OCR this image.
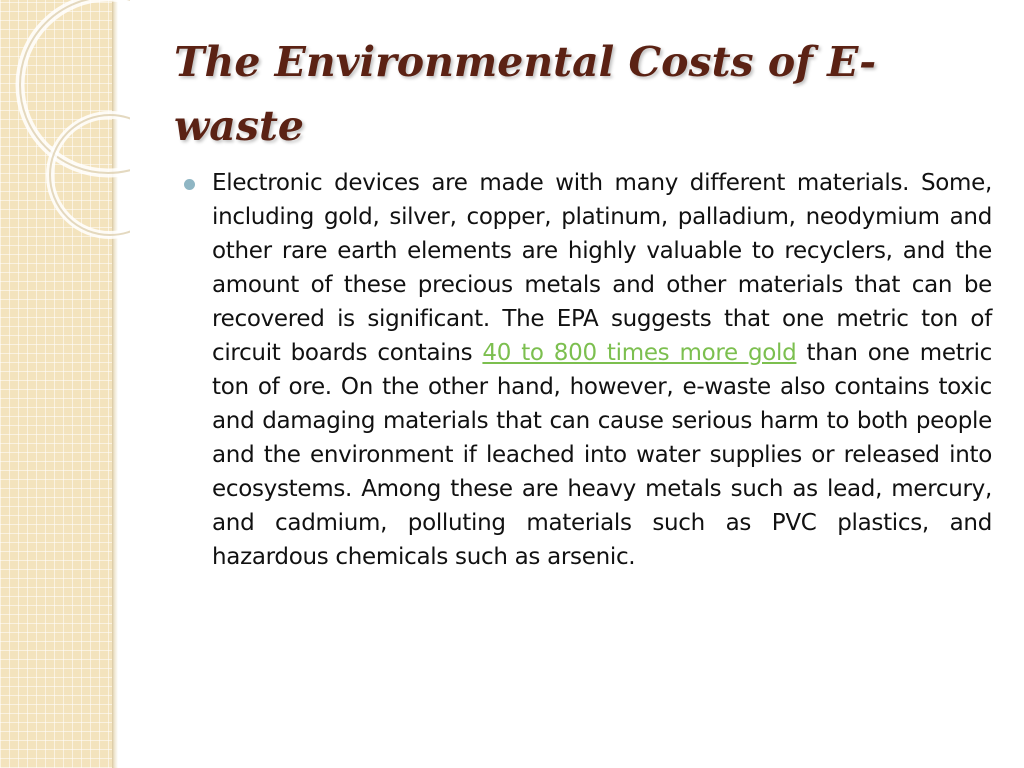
The Environmental Costs of E-waste

Electronic devices are made with many different materials. Some, including gold, silver, copper, platinum, palladium, neodymium and other rare earth elements are highly valuable to recyclers, and the amount of these precious metals and other materials that can be recovered is significant. The EPA suggests that one metric ton of circuit boards contains 40 to 800 times more gold than one metric ton of ore. On the other hand, however, e-waste also contains toxic and damaging materials that can cause serious harm to both people and the environment if leached into water supplies or released into ecosystems. Among these are heavy metals such as lead, mercury, and cadmium, polluting materials such as PVC plastics, and hazardous chemicals such as arsenic.
